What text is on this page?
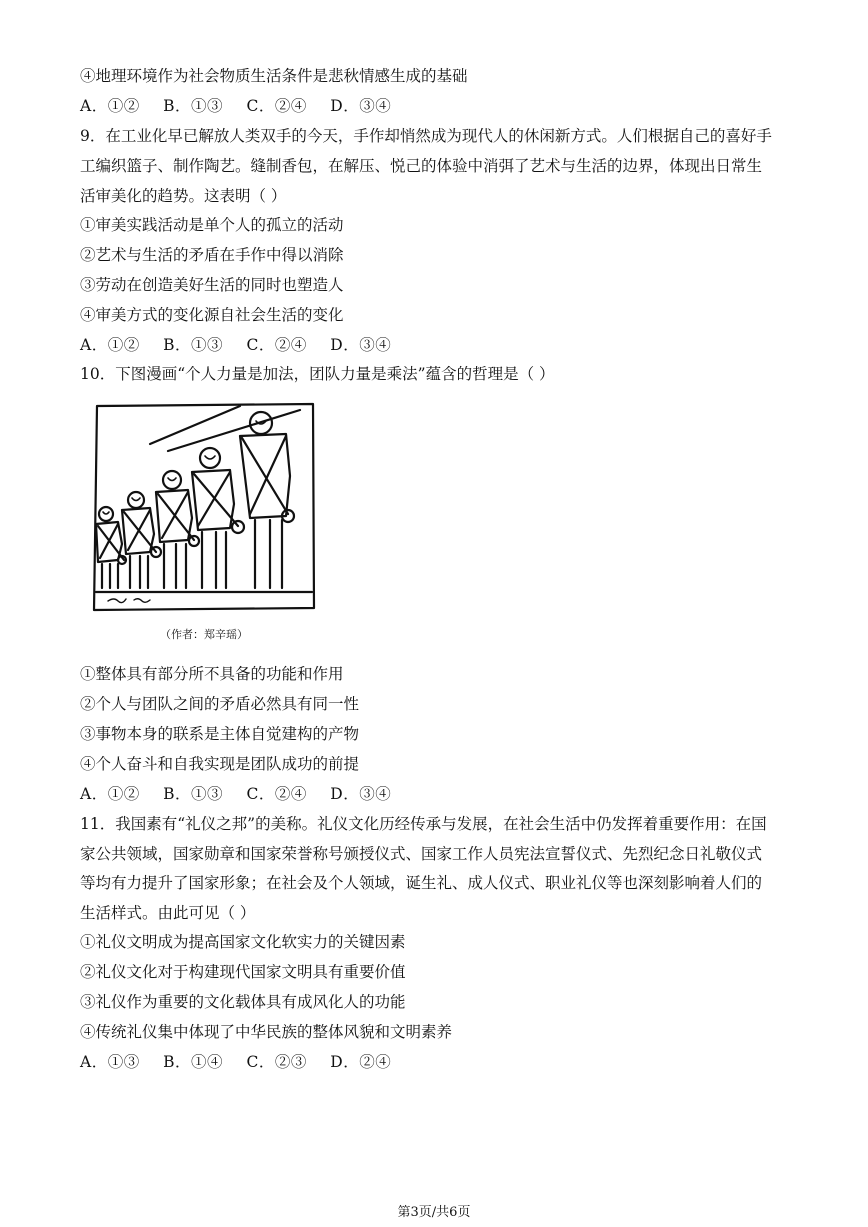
④地理环境作为社会物质生活条件是悲秋情感生成的基础
A．①② B．①③ C．②④ D．③④
9．在工业化早已解放人类双手的今天，手作却悄然成为现代人的休闲新方式。人们根据自己的喜好手
工编织篮子、制作陶艺。缝制香包，在解压、悦己的体验中消弭了艺术与生活的边界，体现出日常生
活审美化的趋势。这表明（ ）
①审美实践活动是单个人的孤立的活动
②艺术与生活的矛盾在手作中得以消除
③劳动在创造美好生活的同时也塑造人
④审美方式的变化源自社会生活的变化
A．①② B．①③ C．②④ D．③④
10．下图漫画“个人力量是加法，团队力量是乘法”蕴含的哲理是（ ）
（作者：郑辛瑶）
①整体具有部分所不具备的功能和作用
②个人与团队之间的矛盾必然具有同一性
③事物本身的联系是主体自觉建构的产物
④个人奋斗和自我实现是团队成功的前提
A．①② B．①③ C．②④ D．③④
11．我国素有“礼仪之邦”的美称。礼仪文化历经传承与发展，在社会生活中仍发挥着重要作用：在国
家公共领域，国家勋章和国家荣誉称号颁授仪式、国家工作人员宪法宣誓仪式、先烈纪念日礼敬仪式
等均有力提升了国家形象；在社会及个人领域，诞生礼、成人仪式、职业礼仪等也深刻影响着人们的
生活样式。由此可见（ ）
①礼仪文明成为提高国家文化软实力的关键因素
②礼仪文化对于构建现代国家文明具有重要价值
③礼仪作为重要的文化载体具有成风化人的功能
④传统礼仪集中体现了中华民族的整体风貌和文明素养
A．①③ B．①④ C．②③ D．②④
第3页/共6页
